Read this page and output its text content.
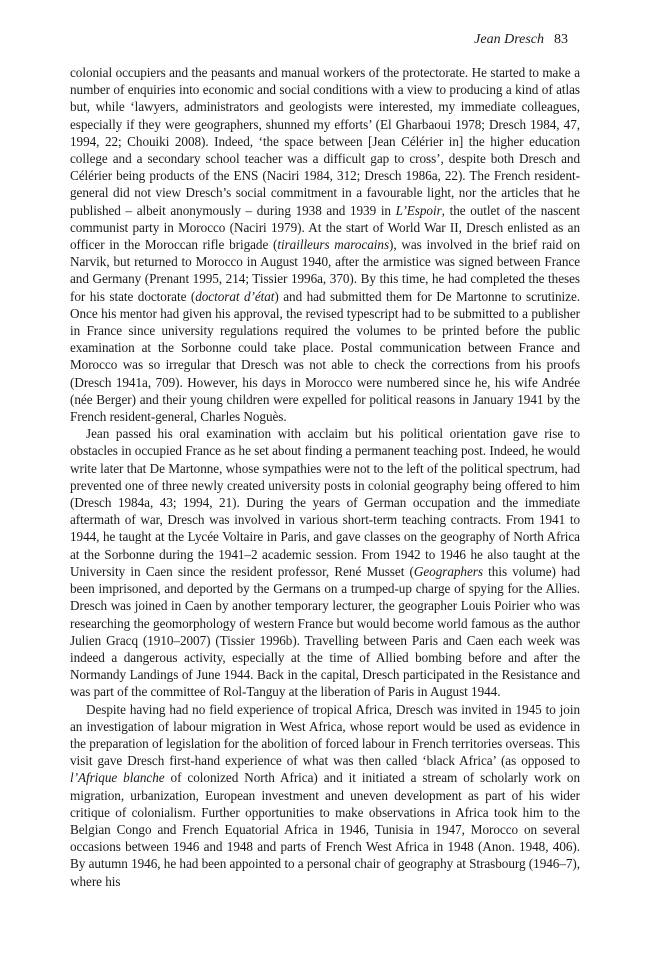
Jean Dresch 83

colonial occupiers and the peasants and manual workers of the protectorate. He started to make a number of enquiries into economic and social conditions with a view to producing a kind of atlas but, while ‘lawyers, administrators and geologists were interested, my immediate colleagues, especially if they were geographers, shunned my efforts’ (El Gharbaoui 1978; Dresch 1984, 47, 1994, 22; Chouiki 2008). Indeed, ‘the space between [Jean Célérier in] the higher education college and a secondary school teacher was a difficult gap to cross’, despite both Dresch and Célérier being products of the ENS (Naciri 1984, 312; Dresch 1986a, 22). The French resident-general did not view Dresch’s social commitment in a favourable light, nor the articles that he published – albeit anonymously – during 1938 and 1939 in L’Espoir, the outlet of the nascent communist party in Morocco (Naciri 1979). At the start of World War II, Dresch enlisted as an officer in the Moroccan rifle brigade (tirailleurs marocains), was involved in the brief raid on Narvik, but returned to Morocco in August 1940, after the armistice was signed between France and Germany (Prenant 1995, 214; Tissier 1996a, 370). By this time, he had completed the theses for his state doctorate (doctorat d’état) and had submitted them for De Martonne to scrutinize. Once his mentor had given his approval, the revised typescript had to be submitted to a publisher in France since university regulations required the volumes to be printed before the public examination at the Sorbonne could take place. Postal communication between France and Morocco was so irregular that Dresch was not able to check the corrections from his proofs (Dresch 1941a, 709). However, his days in Morocco were numbered since he, his wife Andrée (née Berger) and their young children were expelled for political reasons in January 1941 by the French resident-general, Charles Noguès.

Jean passed his oral examination with acclaim but his political orientation gave rise to obstacles in occupied France as he set about finding a permanent teaching post. Indeed, he would write later that De Martonne, whose sympathies were not to the left of the political spectrum, had prevented one of three newly created university posts in colonial geography being offered to him (Dresch 1984a, 43; 1994, 21). During the years of German occupation and the immediate aftermath of war, Dresch was involved in various short-term teaching contracts. From 1941 to 1944, he taught at the Lycée Voltaire in Paris, and gave classes on the geography of North Africa at the Sorbonne during the 1941–2 academic session. From 1942 to 1946 he also taught at the University in Caen since the resident professor, René Musset (Geographers this volume) had been imprisoned, and deported by the Germans on a trumped-up charge of spying for the Allies. Dresch was joined in Caen by another temporary lecturer, the geographer Louis Poirier who was researching the geomorphology of western France but would become world famous as the author Julien Gracq (1910–2007) (Tissier 1996b). Travelling between Paris and Caen each week was indeed a dangerous activity, especially at the time of Allied bombing before and after the Normandy Landings of June 1944. Back in the capital, Dresch participated in the Resistance and was part of the committee of Rol-Tanguy at the liberation of Paris in August 1944.

Despite having had no field experience of tropical Africa, Dresch was invited in 1945 to join an investigation of labour migration in West Africa, whose report would be used as evidence in the preparation of legislation for the abolition of forced labour in French territories overseas. This visit gave Dresch first-hand experience of what was then called ‘black Africa’ (as opposed to l’Afrique blanche of colonized North Africa) and it initiated a stream of scholarly work on migration, urbanization, European investment and uneven development as part of his wider critique of colonialism. Further opportunities to make observations in Africa took him to the Belgian Congo and French Equatorial Africa in 1946, Tunisia in 1947, Morocco on several occasions between 1946 and 1948 and parts of French West Africa in 1948 (Anon. 1948, 406). By autumn 1946, he had been appointed to a personal chair of geography at Strasbourg (1946–7), where his
